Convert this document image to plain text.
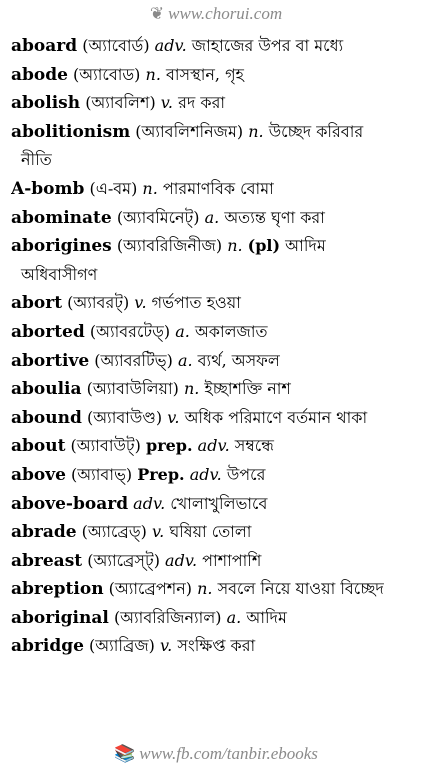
❦ www.chorui.com
aboard (অ্যাবোর্ড) adv. জাহাজের উপর বা মধ্যে
abode (অ্যাবোড) n. বাসস্থান, গৃহ
abolish (অ্যাবলিশ) v. রদ করা
abolitionism (অ্যাবলিশনিজম) n. উচ্ছেদ করিবার
নীতি
A-bomb (এ-বম) n. পারমাণবিক বোমা
abominate (অ্যাবমিনেট্) a. অত্যন্ত ঘৃণা করা
aborigines (অ্যাবরিজিনীজ) n. (pl) আদিম
অধিবাসীগণ
abort (অ্যাবরট্) v. গর্ভপাত হওয়া
aborted (অ্যাবরটেড্) a. অকালজাত
abortive (অ্যাবরটিভ্) a. ব্যর্থ, অসফল
aboulia (অ্যাবাউলিয়া) n. ইচ্ছাশক্তি নাশ
abound (অ্যাবাউণ্ড) v. অধিক পরিমাণে বর্তমান থাকা
about (অ্যাবাউট্) prep. adv. সম্বন্ধে
above (অ্যাবাভ্) Prep. adv. উপরে
above-board adv. খোলাখুলিভাবে
abrade (অ্যাব্রেড্) v. ঘষিয়া তোলা
abreast (অ্যাব্রেস্ট্) adv. পাশাপাশি
abreption (অ্যাব্রেপশন) n. সবলে নিয়ে যাওয়া বিচ্ছেদ
aboriginal (অ্যাবরিজিন্যাল) a. আদিম
abridge (অ্যাব্রিজ) v. সংক্ষিপ্ত করা
📚 www.fb.com/tanbir.ebooks
